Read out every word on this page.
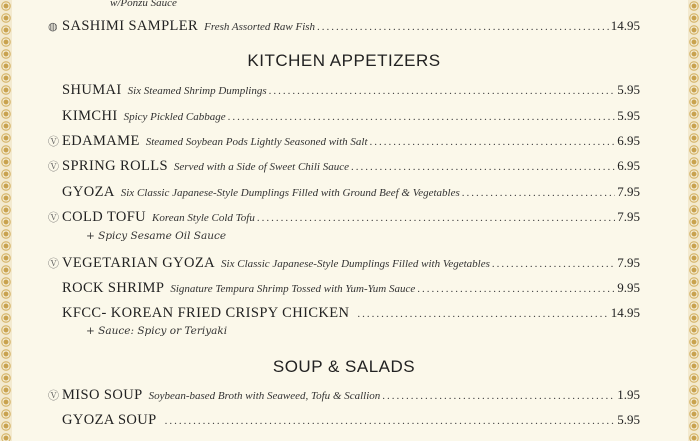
w/Ponzu Sauce
◍ SASHIMI SAMPLER Fresh Assorted Raw Fish .....	14.95
KITCHEN APPETIZERS
SHUMAI Six Steamed Shrimp Dumplings .....	5.95
KIMCHI Spicy Pickled Cabbage .....	5.95
Ⓥ EDAMAME Steamed Soybean Pods Lightly Seasoned with Salt .....	6.95
Ⓥ SPRING ROLLS Served with a Side of Sweet Chili Sauce .....	6.95
GYOZA Six Classic Japanese-Style Dumplings Filled with Ground Beef & Vegetables .....	7.95
Ⓥ COLD TOFU Korean Style Cold Tofu .....	7.95
+ Spicy Sesame Oil Sauce
Ⓥ VEGETARIAN GYOZA Six Classic Japanese-Style Dumplings Filled with Vegetables .....	7.95
ROCK SHRIMP Signature Tempura Shrimp Tossed with Yum-Yum Sauce .....	9.95
KFCC- KOREAN FRIED CRISPY CHICKEN .....	14.95
+ Sauce: Spicy or Teriyaki
SOUP & SALADS
Ⓥ MISO SOUP Soybean-based Broth with Seaweed, Tofu & Scallion .....	1.95
GYOZA SOUP .....	5.95
